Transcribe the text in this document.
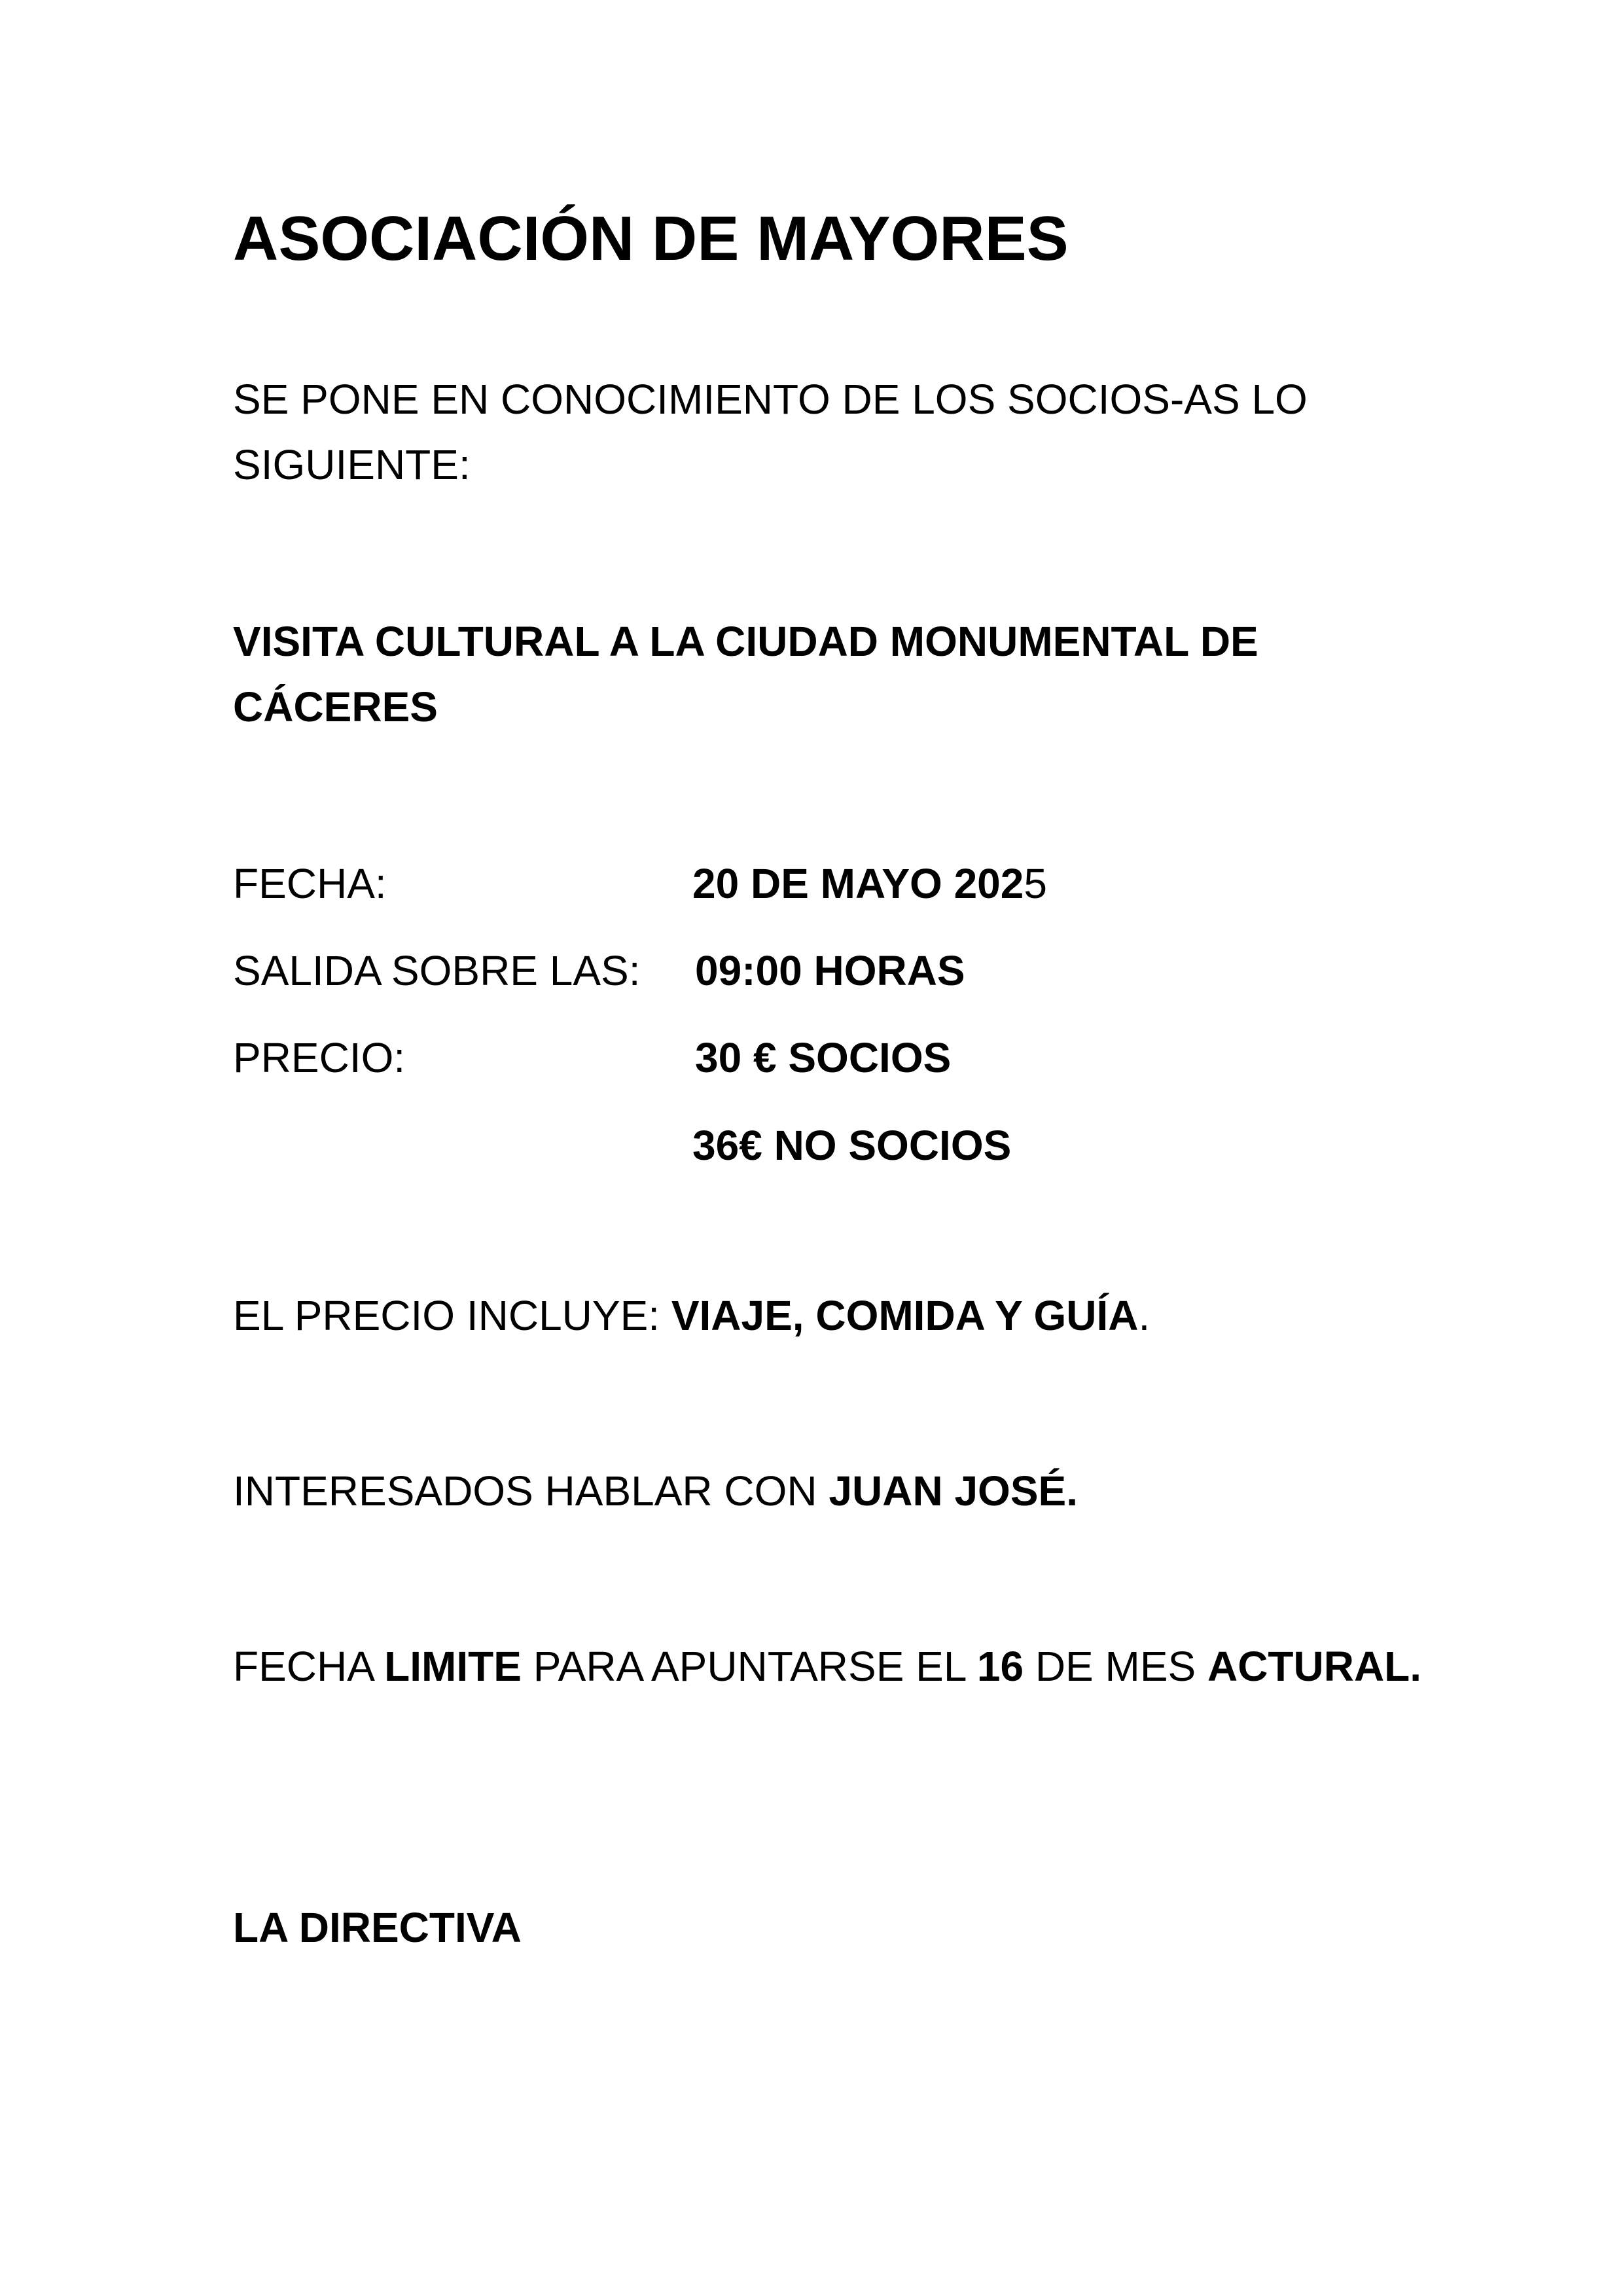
ASOCIACIÓN DE MAYORES
SE PONE EN CONOCIMIENTO DE LOS SOCIOS-AS LO
SIGUIENTE:
VISITA CULTURAL A LA CIUDAD MONUMENTAL DE
CÁCERES
FECHA:	20 DE MAYO 2025
SALIDA SOBRE LAS: 09:00 HORAS
PRECIO:	30 € SOCIOS
36€ NO SOCIOS
EL PRECIO INCLUYE: VIAJE, COMIDA Y GUÍA.
INTERESADOS HABLAR CON JUAN JOSÉ.
FECHA LIMITE PARA APUNTARSE EL 16 DE MES ACTURAL.
LA DIRECTIVA
